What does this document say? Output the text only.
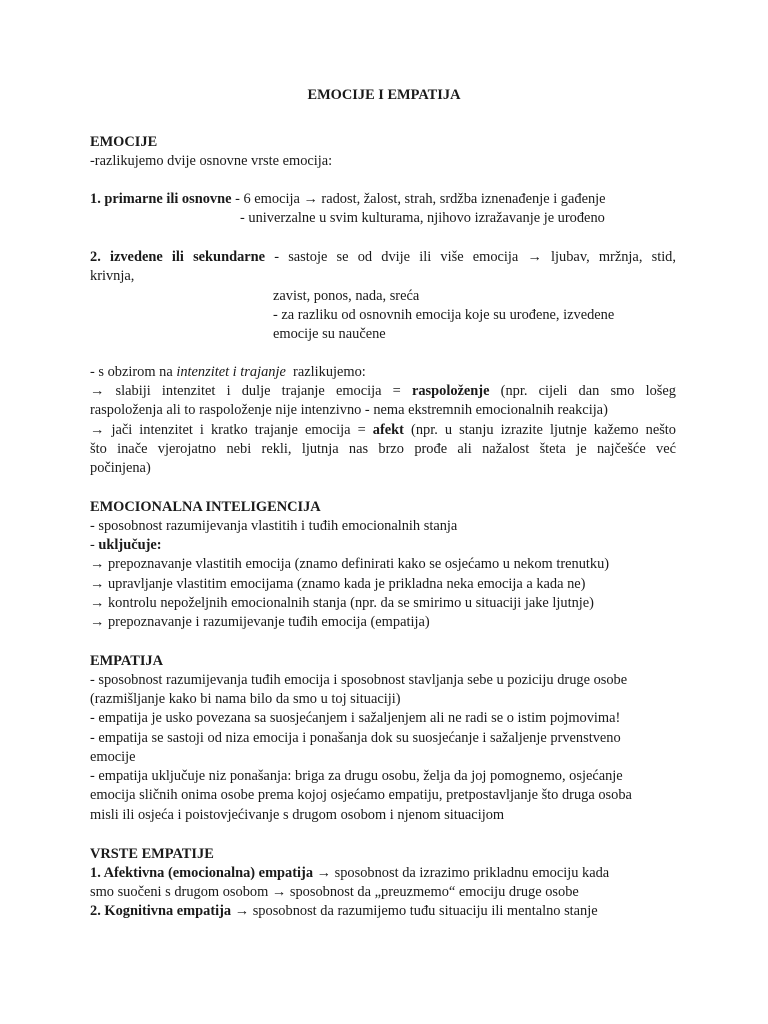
EMOCIJE I EMPATIJA
EMOCIJE
-razlikujemo dvije osnovne vrste emocija:
1. primarne ili osnovne - 6 emocija → radost, žalost, strah, srdžba iznenađenje i gađenje
- univerzalne u svim kulturama, njihovo izražavanje je urođeno
2. izvedene ili sekundarne - sastoje se od dvije ili više emocija → ljubav, mržnja, stid,
krivnja,
zavist, ponos, nada, sreća
- za razliku od osnovnih emocija koje su urođene, izvedene
emocije su naučene
- s obzirom na intenzitet i trajanje  razlikujemo:
→ slabiji intenzitet i dulje trajanje emocija = raspoloženje (npr. cijeli dan smo lošeg
raspoloženja ali to raspoloženje nije intenzivno - nema ekstremnih emocionalnih reakcija)
→ jači intenzitet i kratko trajanje emocija = afekt (npr. u stanju izrazite ljutnje kažemo nešto
što inače vjerojatno nebi rekli, ljutnja nas brzo prođe ali nažalost šteta je najčešće već
počinjena)
EMOCIONALNA INTELIGENCIJA
- sposobnost razumijevanja vlastitih i tuđih emocionalnih stanja
- uključuje:
→ prepoznavanje vlastitih emocija (znamo definirati kako se osjećamo u nekom trenutku)
→ upravljanje vlastitim emocijama (znamo kada je prikladna neka emocija a kada ne)
→ kontrolu nepoželjnih emocionalnih stanja (npr. da se smirimo u situaciji jake ljutnje)
→ prepoznavanje i razumijevanje tuđih emocija (empatija)
EMPATIJA
- sposobnost razumijevanja tuđih emocija i sposobnost stavljanja sebe u poziciju druge osobe
(razmišljanje kako bi nama bilo da smo u toj situaciji)
- empatija je usko povezana sa suosjećanjem i sažaljenjem ali ne radi se o istim pojmovima!
- empatija se sastoji od niza emocija i ponašanja dok su suosjećanje i sažaljenje prvenstveno
emocije
- empatija uključuje niz ponašanja: briga za drugu osobu, želja da joj pomognemo, osjećanje
emocija sličnih onima osobe prema kojoj osjećamo empatiju, pretpostavljanje što druga osoba
misli ili osjeća i poistovjećivanje s drugom osobom i njenom situacijom
VRSTE EMPATIJE
1. Afektivna (emocionalna) empatija → sposobnost da izrazimo prikladnu emociju kada
smo suočeni s drugom osobom → sposobnost da „preuzmemo“ emociju druge osobe
2. Kognitivna empatija → sposobnost da razumijemo tuđu situaciju ili mentalno stanje
